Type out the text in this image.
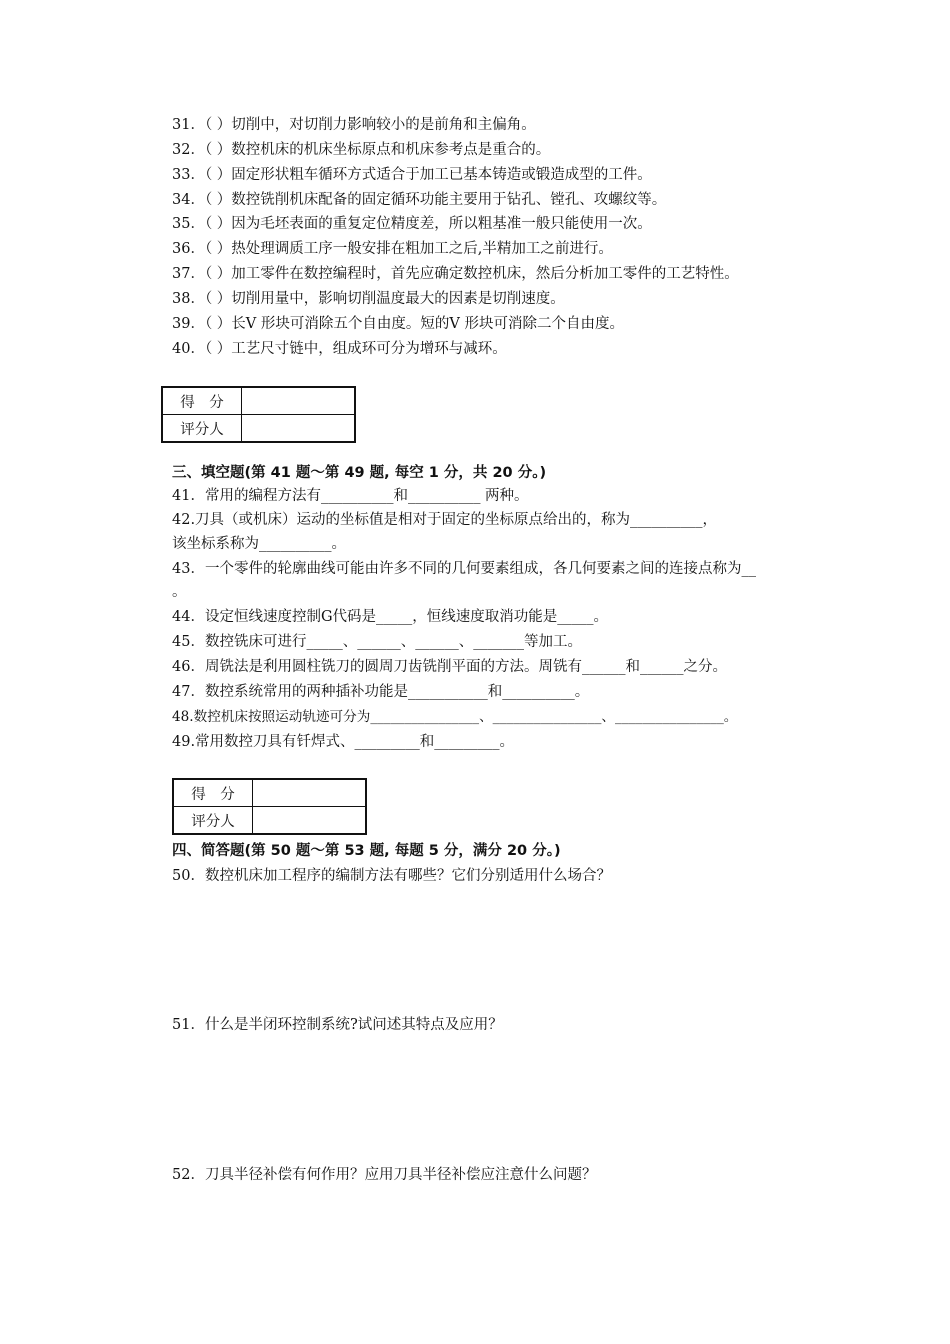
31．（ ）切削中，对切削力影响较小的是前角和主偏角。
32．（ ）数控机床的机床坐标原点和机床参考点是重合的。
33．（ ）固定形状粗车循环方式适合于加工已基本铸造或锻造成型的工件。
34．（ ）数控铣削机床配备的固定循环功能主要用于钻孔、镗孔、攻螺纹等。
35．（ ）因为毛坯表面的重复定位精度差，所以粗基准一般只能使用一次。
36．（ ）热处理调质工序一般安排在粗加工之后,半精加工之前进行。
37．（ ）加工零件在数控编程时，首先应确定数控机床，然后分析加工零件的工艺特性。
38．（ ）切削用量中，影响切削温度最大的因素是切削速度。
39．（ ）长V 形块可消除五个自由度。短的V 形块可消除二个自由度。
40．（ ）工艺尺寸链中，组成环可分为增环与减环。
得　分	
评分人	
三、填空题(第 41 题～第 49 题, 每空 1 分，共 20 分。)
41．常用的编程方法有__________和__________ 两种。
42.刀具（或机床）运动的坐标值是相对于固定的坐标原点给出的，称为__________，
该坐标系称为__________。
43．一个零件的轮廓曲线可能由许多不同的几何要素组成，各几何要素之间的连接点称为__
。
44．设定恒线速度控制G代码是_____，恒线速度取消功能是_____。
45．数控铣床可进行_____、______、______、_______等加工。
46．周铣法是利用圆柱铣刀的圆周刀齿铣削平面的方法。周铣有______和______之分。
47．数控系统常用的两种插补功能是___________和__________。
48.数控机床按照运动轨迹可分为________________、________________、________________。
49.常用数控刀具有钎焊式、_________和_________。
得　分	
评分人	
四、简答题(第 50 题～第 53 题, 每题 5 分，满分 20 分。)
50．数控机床加工程序的编制方法有哪些？它们分别适用什么场合？
51．什么是半闭环控制系统?试问述其特点及应用？
52．刀具半径补偿有何作用？应用刀具半径补偿应注意什么问题？
